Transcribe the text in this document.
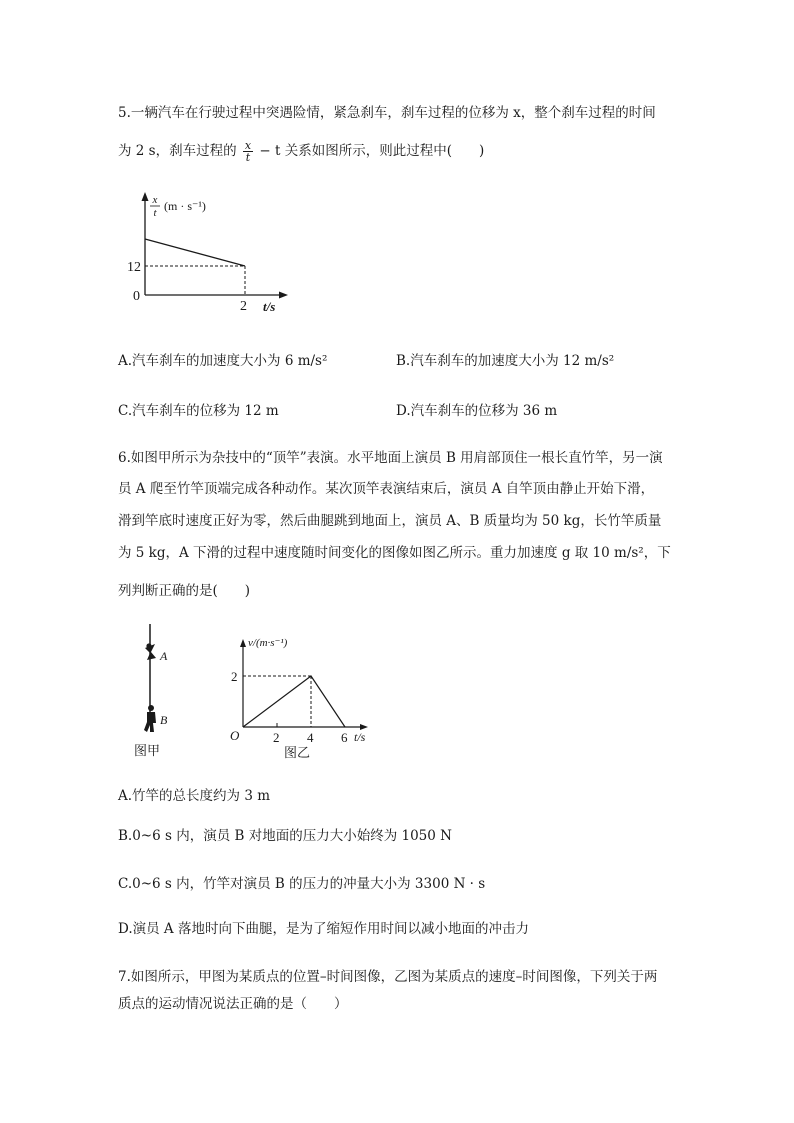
5.一辆汽车在行驶过程中突遇险情，紧急刹车，刹车过程的位移为 x，整个刹车过程的时间
为 2 s，刹车过程的 $\frac{x}{t} - t$ 关系如图所示，则此过程中(　　)
x
t (m · s⁻¹)
12
0
2 t/s
A.汽车刹车的加速度大小为 6 m/s²	B.汽车刹车的加速度大小为 12 m/s²
C.汽车刹车的位移为 12 m	D.汽车刹车的位移为 36 m
6.如图甲所示为杂技中的“顶竿”表演。水平地面上演员 B 用肩部顶住一根长直竹竿，另一演
员 A 爬至竹竿顶端完成各种动作。某次顶竿表演结束后，演员 A 自竿顶由静止开始下滑，
滑到竿底时速度正好为零，然后曲腿跳到地面上，演员 A、B 质量均为 50 kg，长竹竿质量
为 5 kg，A 下滑的过程中速度随时间变化的图像如图乙所示。重力加速度 g 取 10 m/s²，下
列判断正确的是(　　)
A
B
图甲
v/(m·s⁻¹)
2
O	2 4 6 t/s
图乙
A.竹竿的总长度约为 3 m
B.0~6 s 内，演员 B 对地面的压力大小始终为 1050 N
C.0~6 s 内，竹竿对演员 B 的压力的冲量大小为 3300 N · s
D.演员 A 落地时向下曲腿，是为了缩短作用时间以减小地面的冲击力
7.如图所示，甲图为某质点的位置–时间图像，乙图为某质点的速度–时间图像，下列关于两
质点的运动情况说法正确的是（　　）
